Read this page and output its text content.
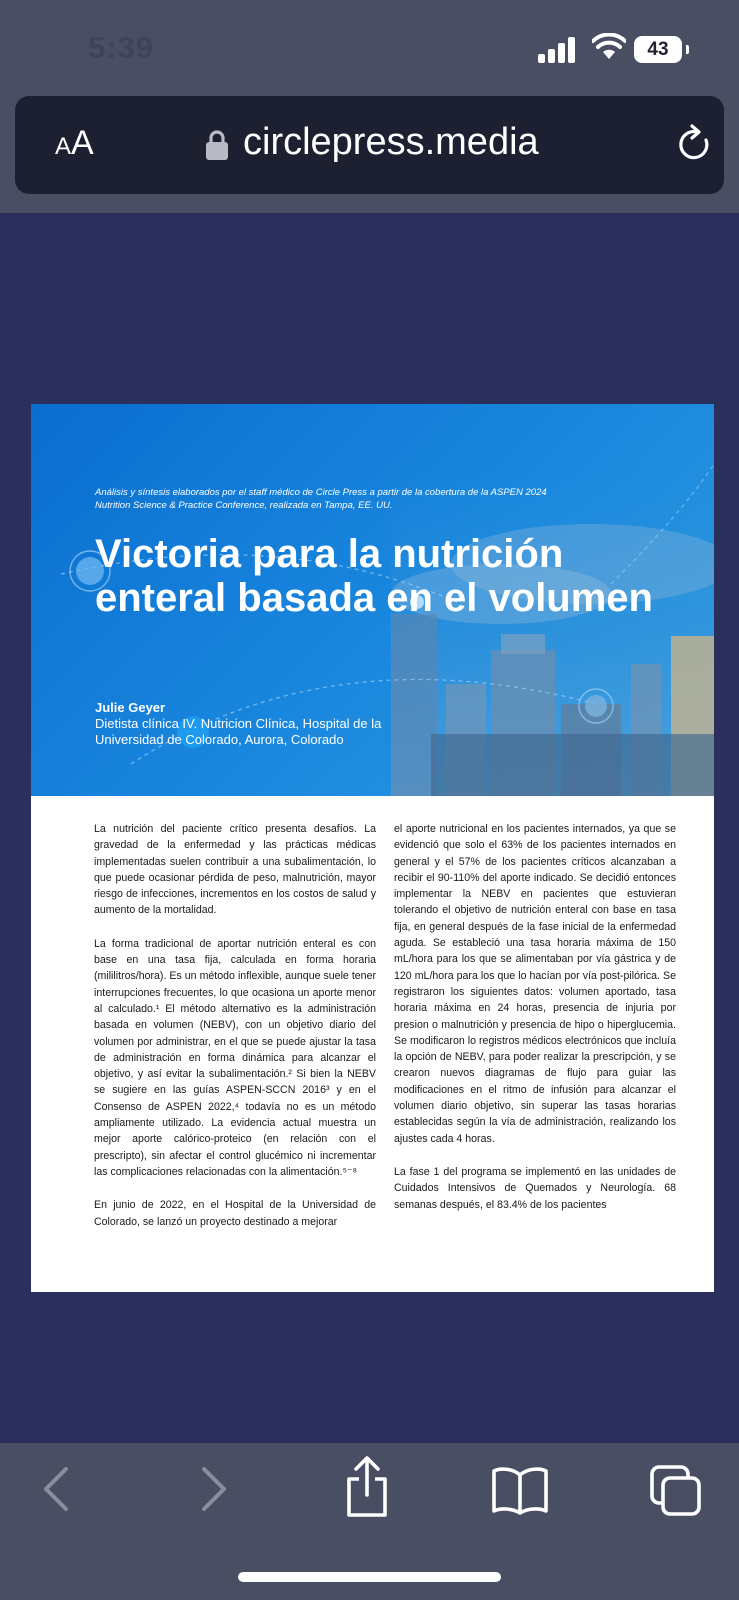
5:39	43
AA	circlepress.media
Análisis y síntesis elaborados por el staff médico de Circle Press a partir de la cobertura de la ASPEN 2024 Nutrition Science & Practice Conference, realizada en Tampa, EE. UU.
Victoria para la nutrición enteral basada en el volumen
Julie Geyer
Dietista clínica IV. Nutricion Clínica, Hospital de la Universidad de Colorado, Aurora, Colorado

La nutrición del paciente crítico presenta desafíos. La gravedad de la enfermedad y las prácticas médicas implementadas suelen contribuir a una subalimentación, lo que puede ocasionar pérdida de peso, malnutrición, mayor riesgo de infecciones, incrementos en los costos de salud y aumento de la mortalidad.

La forma tradicional de aportar nutrición enteral es con base en una tasa fija, calculada en forma horaria (mililitros/hora). Es un método inflexible, aunque suele tener interrupciones frecuentes, lo que ocasiona un aporte menor al calculado.¹ El método alternativo es la administración basada en volumen (NEBV), con un objetivo diario del volumen por administrar, en el que se puede ajustar la tasa de administración en forma dinámica para alcanzar el objetivo, y así evitar la subalimentación.² Si bien la NEBV se sugiere en las guías ASPEN-SCCN 2016³ y en el Consenso de ASPEN 2022,⁴ todavía no es un método ampliamente utilizado. La evidencia actual muestra un mejor aporte calórico-proteico (en relación con el prescripto), sin afectar el control glucémico ni incrementar las complicaciones relacionadas con la alimentación.⁵⁻⁸

En junio de 2022, en el Hospital de la Universidad de Colorado, se lanzó un proyecto destinado a mejorar

el aporte nutricional en los pacientes internados, ya que se evidenció que solo el 63% de los pacientes internados en general y el 57% de los pacientes críticos alcanzaban a recibir el 90-110% del aporte indicado. Se decidió entonces implementar la NEBV en pacientes que estuvieran tolerando el objetivo de nutrición enteral con base en tasa fija, en general después de la fase inicial de la enfermedad aguda. Se estableció una tasa horaria máxima de 150 mL/hora para los que se alimentaban por vía gástrica y de 120 mL/hora para los que lo hacían por vía post-pilórica. Se registraron los siguientes datos: volumen aportado, tasa horaria máxima en 24 horas, presencia de injuria por presion o malnutrición y presencia de hipo o hiperglucemia. Se modificaron lo registros médicos electrónicos que incluía la opción de NEBV, para poder realizar la prescripción, y se crearon nuevos diagramas de flujo para guiar las modificaciones en el ritmo de infusión para alcanzar el volumen diario objetivo, sin superar las tasas horarias establecidas según la vía de administración, realizando los ajustes cada 4 horas.

La fase 1 del programa se implementó en las unidades de Cuidados Intensivos de Quemados y Neurología. 68 semanas después, el 83.4% de los pacientes
